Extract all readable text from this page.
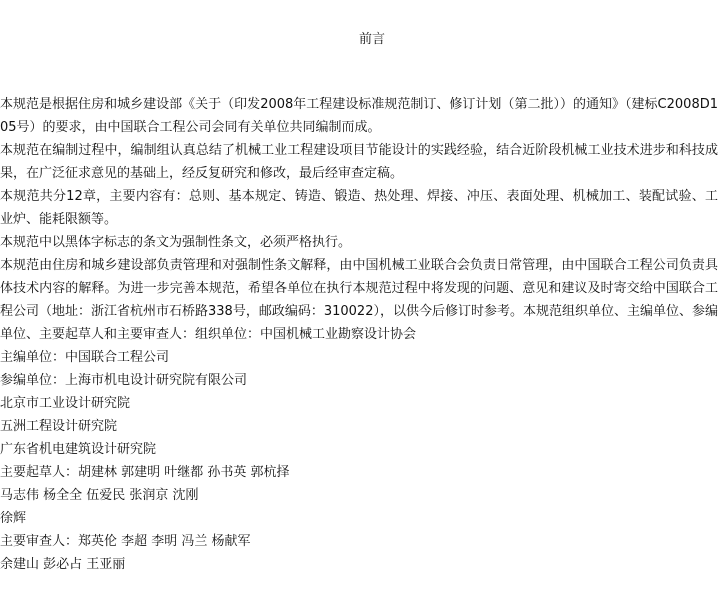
前言

本规范是根据住房和城乡建设部《关于（印发2008年工程建设标准规范制订、修订计划（第二批））的通知》（建标C2008D105号）的要求，由中国联合工程公司会同有关单位共同编制而成。

本规范在编制过程中，编制组认真总结了机械工业工程建设项目节能设计的实践经验，结合近阶段机械工业技术进步和科技成果，在广泛征求意见的基础上，经反复研究和修改，最后经审查定稿。

本规范共分12章，主要内容有：总则、基本规定、铸造、锻造、热处理、焊接、冲压、表面处理、机械加工、装配试验、工业炉、能耗限额等。

本规范中以黑体字标志的条文为强制性条文，必须严格执行。

本规范由住房和城乡建设部负责管理和对强制性条文解释，由中国机械工业联合会负责日常管理，由中国联合工程公司负责具体技术内容的解释。为进一步完善本规范，希望各单位在执行本规范过程中将发现的问题、意见和建议及时寄交给中国联合工程公司（地址：浙江省杭州市石桥路338号，邮政编码：310022），以供今后修订时参考。本规范组织单位、主编单位、参编单位、主要起草人和主要审查人：组织单位：中国机械工业勘察设计协会

主编单位：中国联合工程公司

参编单位：上海市机电设计研究院有限公司

北京市工业设计研究院

五洲工程设计研究院

广东省机电建筑设计研究院

主要起草人：胡建林 郭建明 叶继都 孙书英 郭杭择

马志伟 杨全全 伍爱民 张润京 沈刚

徐辉

主要审查人：郑英伦 李超 李明 冯兰 杨献军

余建山 彭必占 王亚丽
